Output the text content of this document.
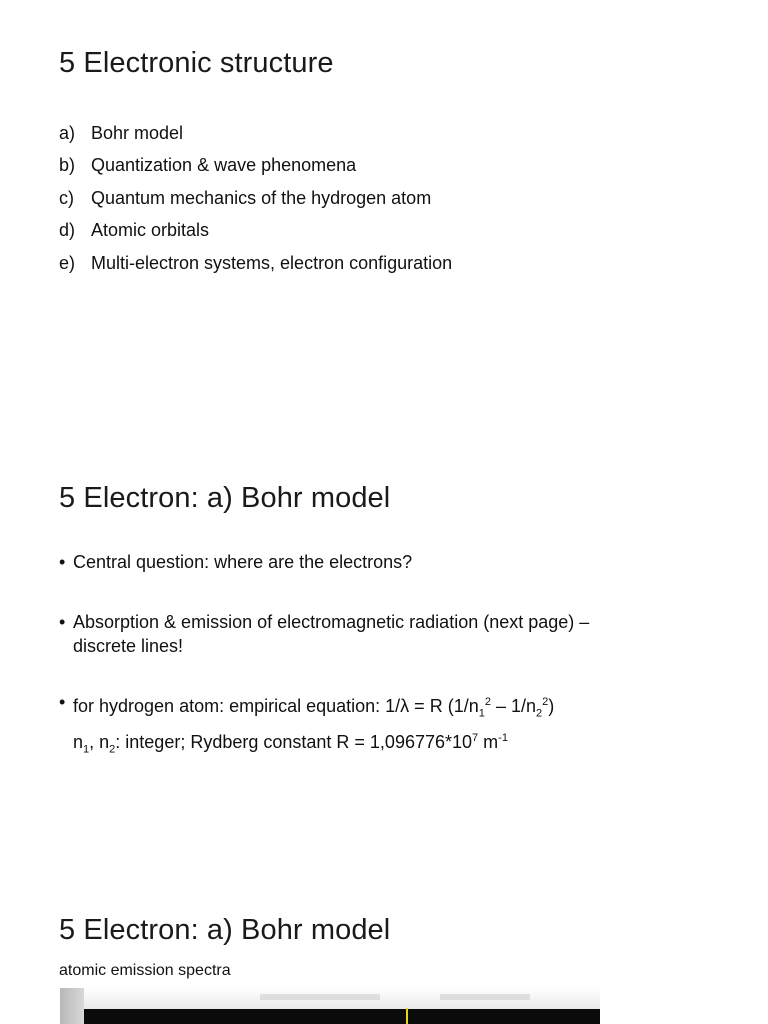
5 Electronic structure
a) Bohr model
b) Quantization & wave phenomena
c) Quantum mechanics of the hydrogen atom
d) Atomic orbitals
e) Multi-electron systems, electron configuration
5 Electron: a) Bohr model
• Central question: where are the electrons?
• Absorption & emission of electromagnetic radiation (next page) –
discrete lines!
• for hydrogen atom: empirical equation: 1/λ = R $(1/n_1^2 - 1/n_2^2)$
$n_1$, $n_2$: integer; Rydberg constant $R = 1,096776*10^7$ $m^{-1}$
5 Electron: a) Bohr model
atomic emission spectra
